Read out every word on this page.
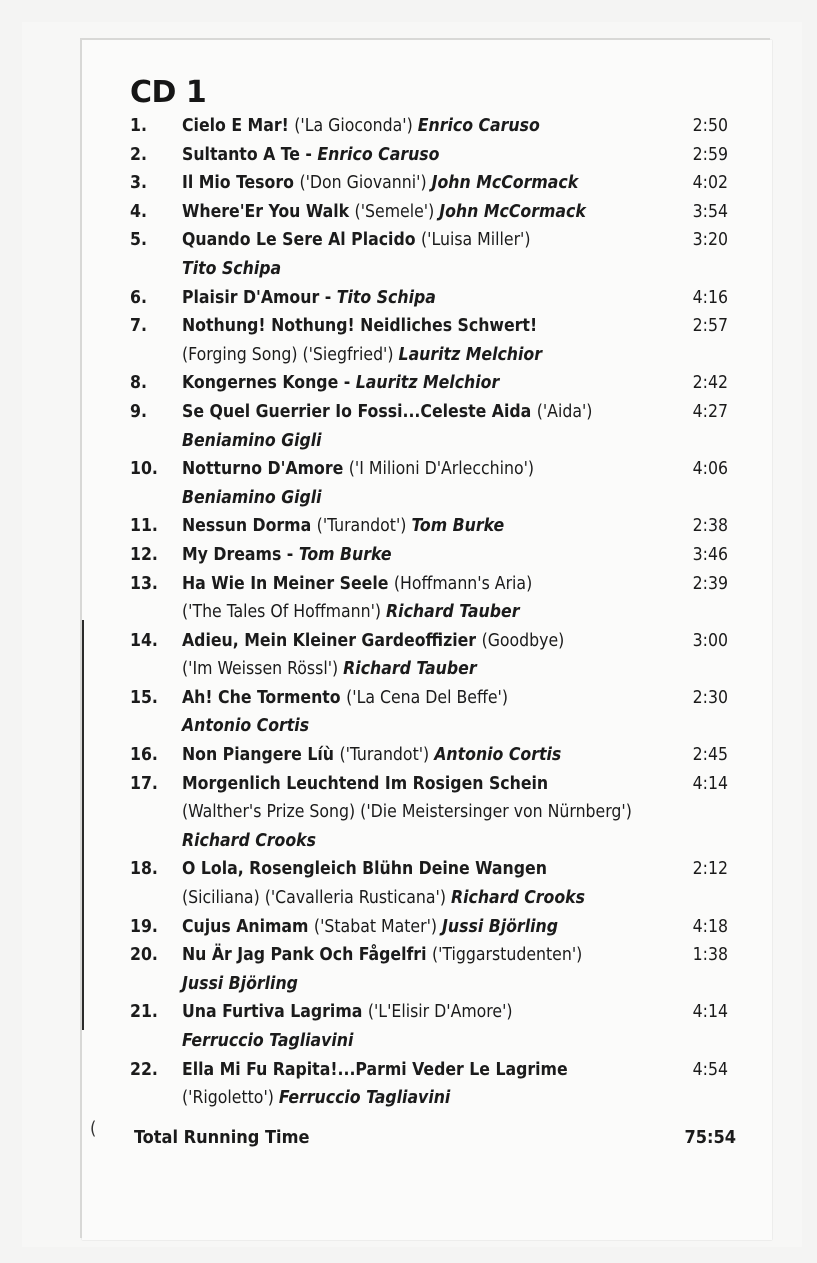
CD 1
1. Cielo E Mar! ('La Gioconda') Enrico Caruso	2:50
2. Sultanto A Te - Enrico Caruso	2:59
3. Il Mio Tesoro ('Don Giovanni') John McCormack	4:02
4. Where'Er You Walk ('Semele') John McCormack	3:54
5. Quando Le Sere Al Placido ('Luisa Miller')	3:20
Tito Schipa
6. Plaisir D'Amour - Tito Schipa	4:16
7. Nothung! Nothung! Neidliches Schwert!	2:57
(Forging Song) ('Siegfried') Lauritz Melchior
8. Kongernes Konge - Lauritz Melchior	2:42
9. Se Quel Guerrier Io Fossi...Celeste Aida ('Aida')	4:27
Beniamino Gigli
10. Notturno D'Amore ('I Milioni D'Arlecchino')	4:06
Beniamino Gigli
11. Nessun Dorma ('Turandot') Tom Burke	2:38
12. My Dreams - Tom Burke	3:46
13. Ha Wie In Meiner Seele (Hoffmann's Aria)	2:39
('The Tales Of Hoffmann') Richard Tauber
14. Adieu, Mein Kleiner Gardeoffizier (Goodbye)	3:00
('Im Weissen Rössl') Richard Tauber
15. Ah! Che Tormento ('La Cena Del Beffe')	2:30
Antonio Cortis
16. Non Piangere Líù ('Turandot') Antonio Cortis	2:45
17. Morgenlich Leuchtend Im Rosigen Schein	4:14
(Walther's Prize Song) ('Die Meistersinger von Nürnberg')
Richard Crooks
18. O Lola, Rosengleich Blühn Deine Wangen	2:12
(Siciliana) ('Cavalleria Rusticana') Richard Crooks
19. Cujus Animam ('Stabat Mater') Jussi Björling	4:18
20. Nu Är Jag Pank Och Fågelfri ('Tiggarstudenten')	1:38
Jussi Björling
21. Una Furtiva Lagrima ('L'Elisir D'Amore')	4:14
Ferruccio Tagliavini
22. Ella Mi Fu Rapita!...Parmi Veder Le Lagrime	4:54
('Rigoletto') Ferruccio Tagliavini
Total Running Time	75:54
(
